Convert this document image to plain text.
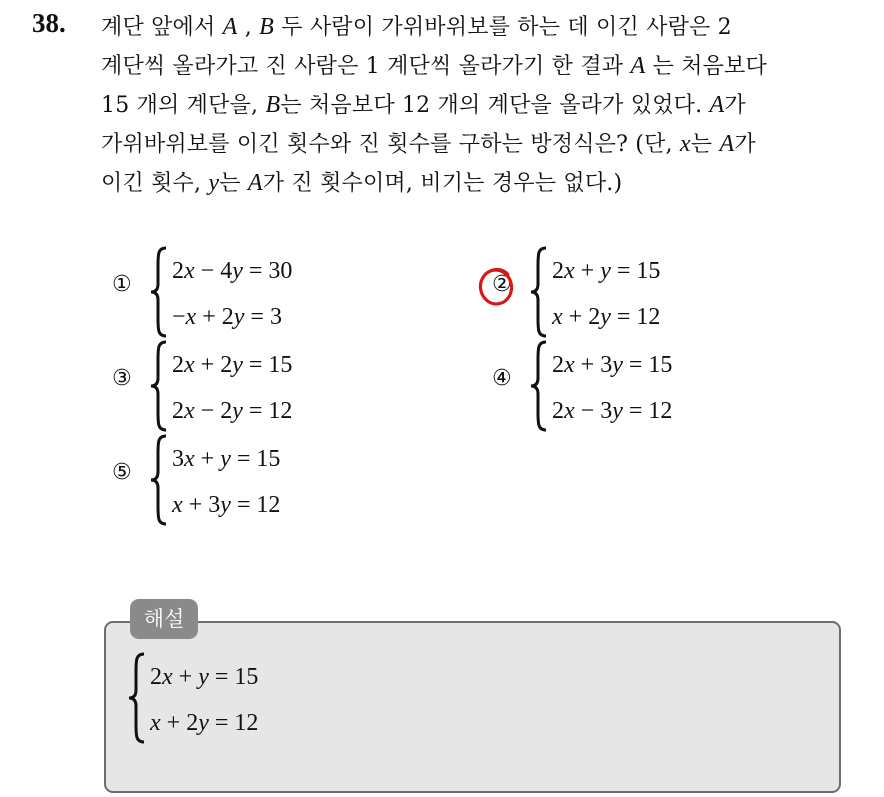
38. 계단 앞에서 A , B 두 사람이 가위바위보를 하는 데 이긴 사람은 2
계단씩 올라가고 진 사람은 1 계단씩 올라가기 한 결과 A 는 처음보다
15 개의 계단을, B는 처음보다 12 개의 계단을 올라가 있었다. A가
가위바위보를 이긴 횟수와 진 횟수를 구하는 방정식은? (단, x는 A가
이긴 횟수, y는 A가 진 횟수이며, 비기는 경우는 없다.)
①
2x − 4y = 30
−x + 2y = 3
②
2x + y = 15
x + 2y = 12
③
2x + 2y = 15
2x − 2y = 12
④
2x + 3y = 15
2x − 3y = 12
⑤
3x + y = 15
x + 3y = 12
해설
2x + y = 15
x + 2y = 12
